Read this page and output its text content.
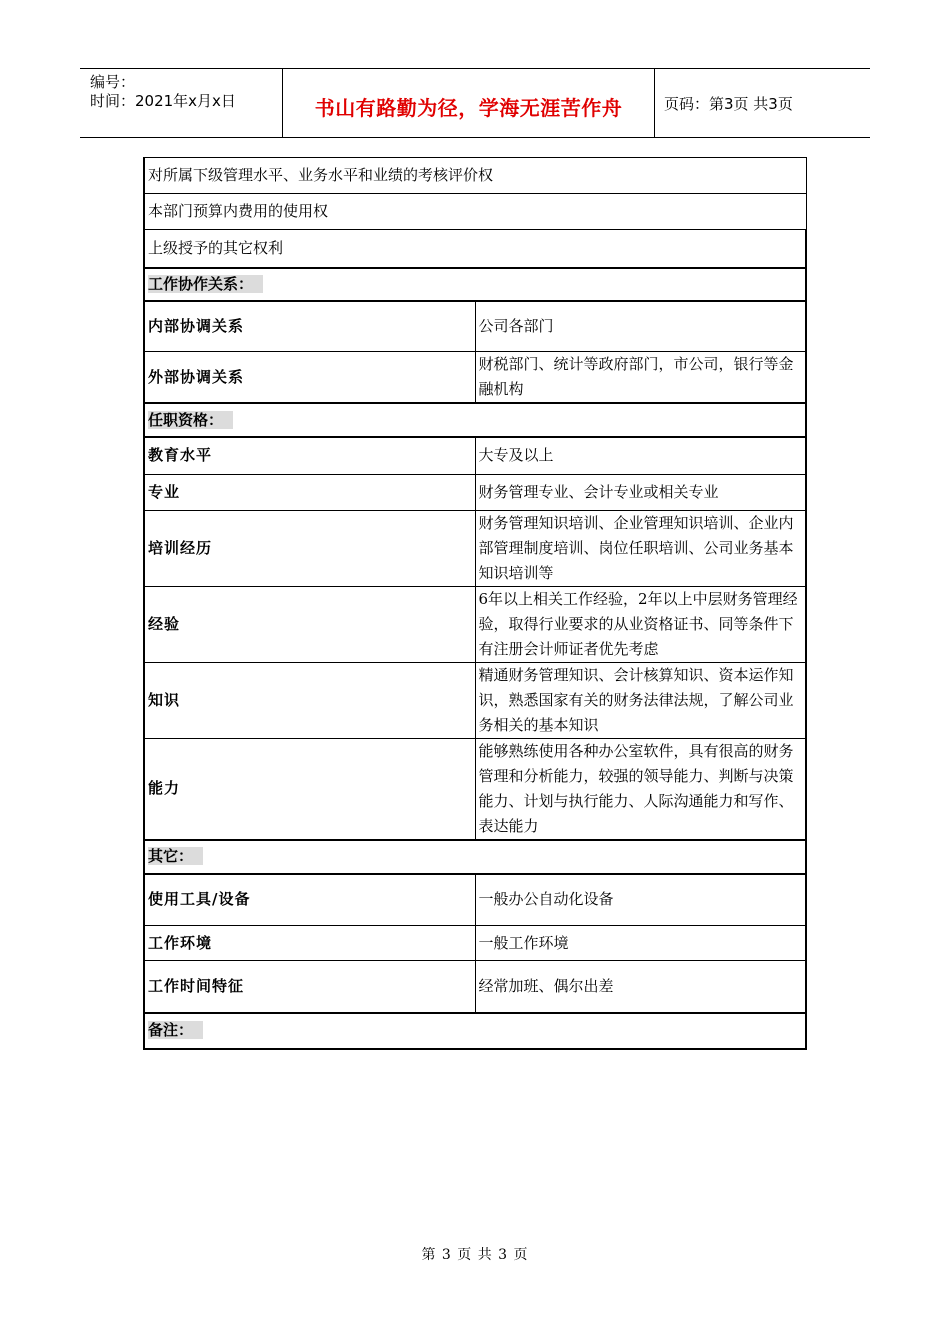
编号：
时间：2021年x月x日	书山有路勤为径，学海无涯苦作舟	页码：第3页 共3页
对所属下级管理水平、业务水平和业绩的考核评价权	
本部门预算内费用的使用权	
上级授予的其它权利	
工作协作关系：	
内部协调关系	公司各部门
外部协调关系	财税部门、统计等政府部门，市公司，银行等金融机构
任职资格：	
教育水平	大专及以上
专业	财务管理专业、会计专业或相关专业
培训经历	财务管理知识培训、企业管理知识培训、企业内部管理制度培训、岗位任职培训、公司业务基本知识培训等
经验	6年以上相关工作经验，2年以上中层财务管理经验，取得行业要求的从业资格证书、同等条件下有注册会计师证者优先考虑
知识	精通财务管理知识、会计核算知识、资本运作知识，熟悉国家有关的财务法律法规，了解公司业务相关的基本知识
能力	能够熟练使用各种办公室软件，具有很高的财务管理和分析能力，较强的领导能力、判断与决策能力、计划与执行能力、人际沟通能力和写作、表达能力
其它：	
使用工具/设备	一般办公自动化设备
工作环境	一般工作环境
工作时间特征	经常加班、偶尔出差
备注：	
第 3 页 共 3 页
